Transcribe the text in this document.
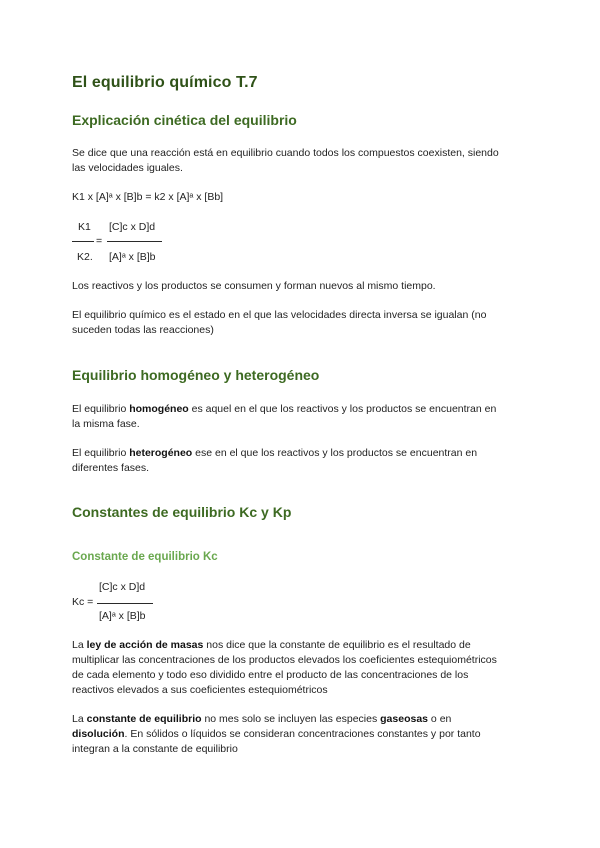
El equilibrio químico T.7
Explicación cinética del equilibrio
Se dice que una reacción está en equilibrio cuando todos los compuestos coexisten, siendo
las velocidades iguales.
K1 x [A]ᵃ x [B]b = k2 x [A]ᵃ x [Bb]
K1
=
[C]c x D]d
K2. [A]ᵃ x [B]b
Los reactivos y los productos se consumen y forman nuevos al mismo tiempo.
El equilibrio químico es el estado en el que las velocidades directa inversa se igualan (no
suceden todas las reacciones)
Equilibrio homogéneo y heterogéneo
El equilibrio homogéneo es aquel en el que los reactivos y los productos se encuentran en
la misma fase.
El equilibrio heterogéneo ese en el que los reactivos y los productos se encuentran en
diferentes fases.
Constantes de equilibrio Kc y Kp
Constante de equilibrio Kc
[C]c x D]d
Kc =
[A]ᵃ x [B]b
La ley de acción de masas nos dice que la constante de equilibrio es el resultado de
multiplicar las concentraciones de los productos elevados los coeficientes estequiométricos
de cada elemento y todo eso dividido entre el producto de las concentraciones de los
reactivos elevados a sus coeficientes estequiométricos
La constante de equilibrio no mes solo se incluyen las especies gaseosas o en
disolución. En sólidos o líquidos se consideran concentraciones constantes y por tanto
integran a la constante de equilibrio
